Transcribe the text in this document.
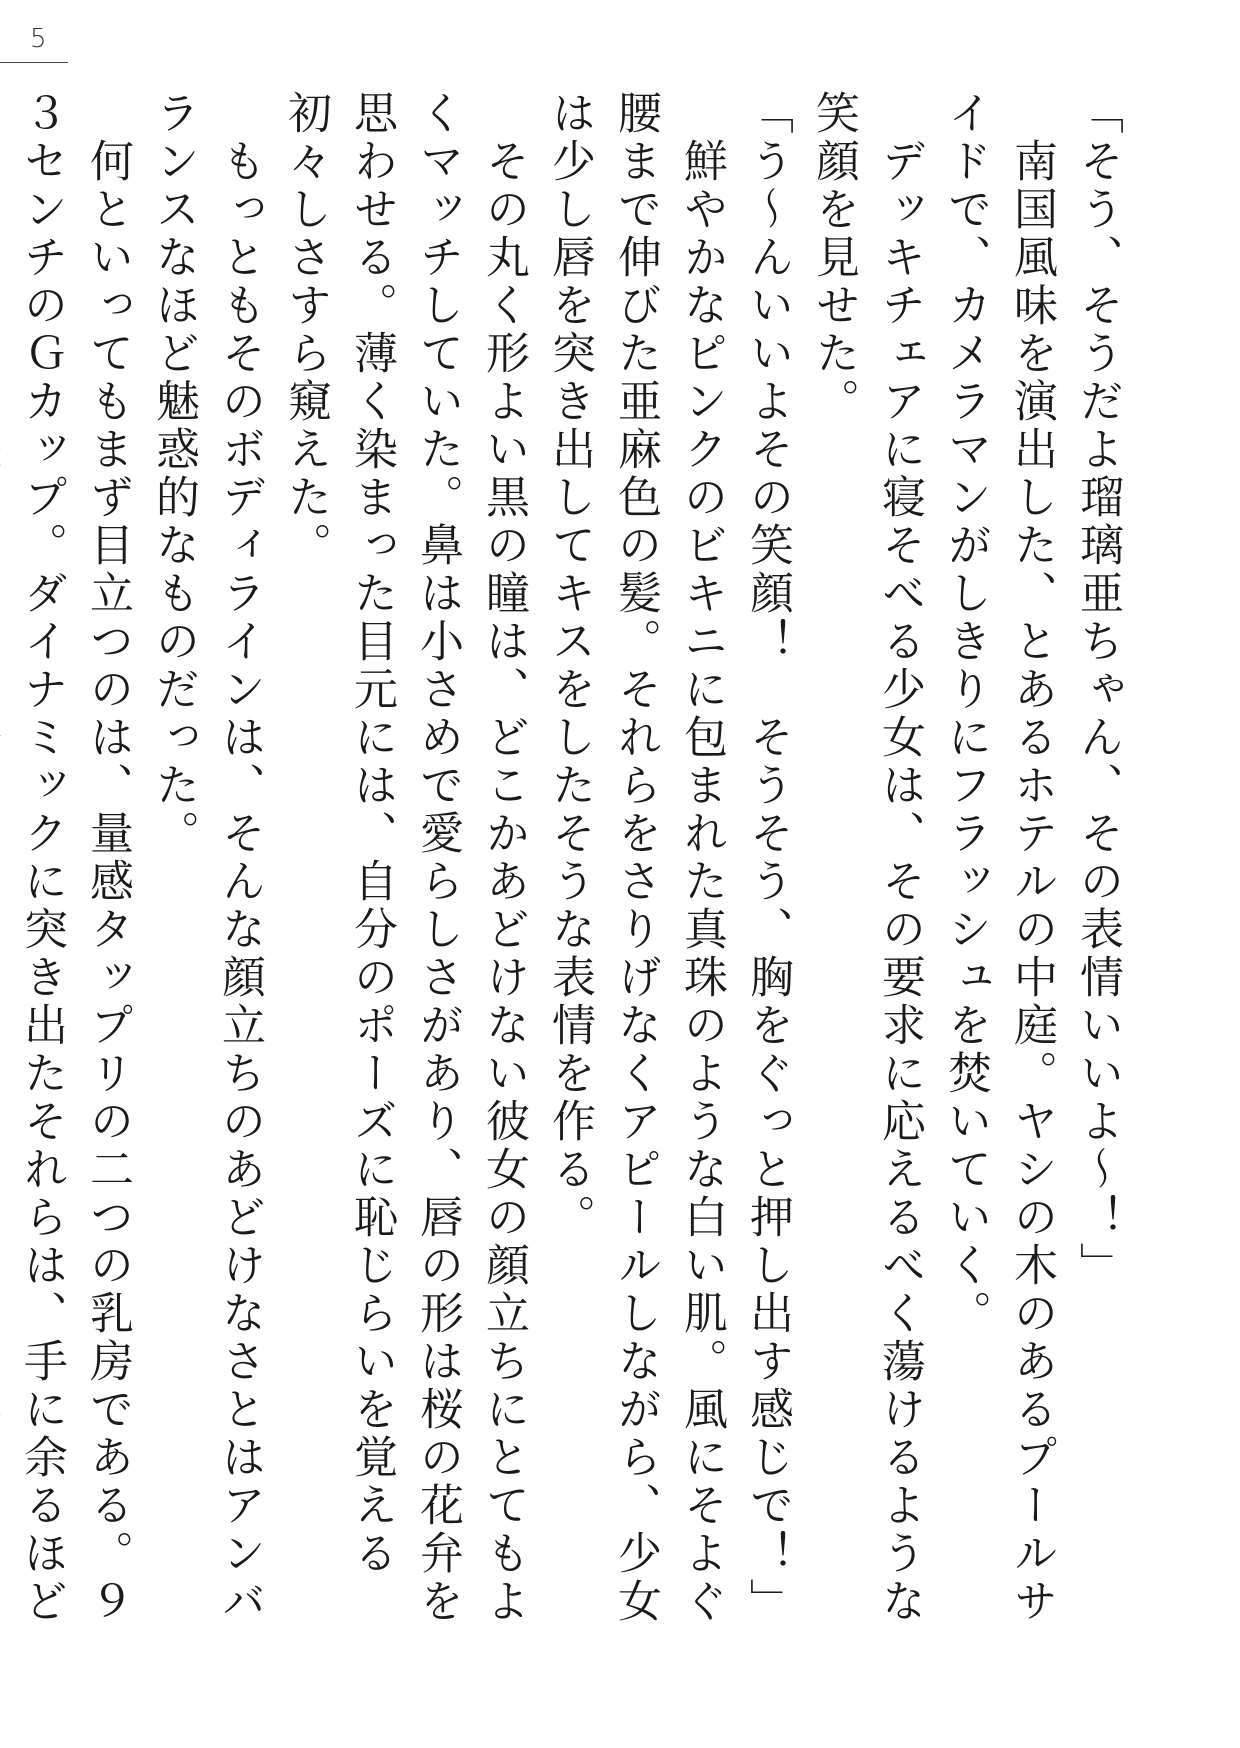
5

「そう、そうだよ瑠璃亜ちゃん、その表情いいよ〜！」

　南国風味を演出した、とあるホテルの中庭。ヤシの木のあるプールサイドで、カメラマンがしきりにフラッシュを焚いていく。

　デッキチェアに寝そべる少女は、その要求に応えるべく蕩けるような笑顔を見せた。

「う〜んいいよその笑顔！　そうそう、胸をぐっと押し出す感じで！」

　鮮やかなピンクのビキニに包まれた真珠のような白い肌。風にそよぐ腰まで伸びた亜麻色の髪。それらをさりげなくアピールしながら、少女は少し唇を突き出してキスをしたそうな表情を作る。

　その丸く形よい黒の瞳は、どこかあどけない彼女の顔立ちにとてもよくマッチしていた。鼻は小さめで愛らしさがあり、唇の形は桜の花弁を思わせる。薄く染まった目元には、自分のポーズに恥じらいを覚える初々しさすら窺えた。

　もっともそのボディラインは、そんな顔立ちのあどけなさとはアンバランスなほど魅惑的なものだった。

　何といってもまず目立つのは、量感タップリの二つの乳房である。９３センチのＧカップ。ダイナミックに突き出たそれらは、手に余るほど
